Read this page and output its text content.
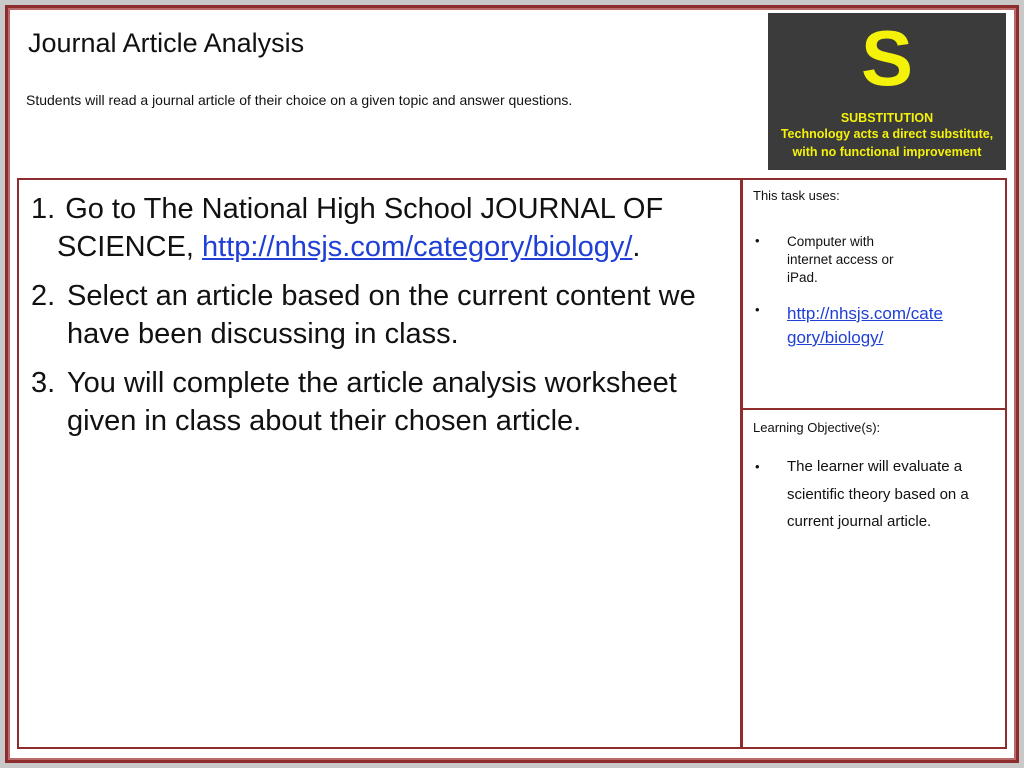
Journal Article Analysis
Students will read a journal article of their choice on a given topic and answer questions.	S
SUBSTITUTION
Technology acts a direct substitute,
with no functional improvement
1. Go to The National High School JOURNAL OF SCIENCE, http://nhsjs.com/category/biology/.
2. Select an article based on the current content we have been discussing in class.
3. You will complete the article analysis worksheet given in class about their chosen article.
This task uses:
•	Computer with internet access or iPad.
•	http://nhsjs.com/category/biology/
Learning Objective(s):
•	The learner will evaluate a scientific theory based on a current journal article.
